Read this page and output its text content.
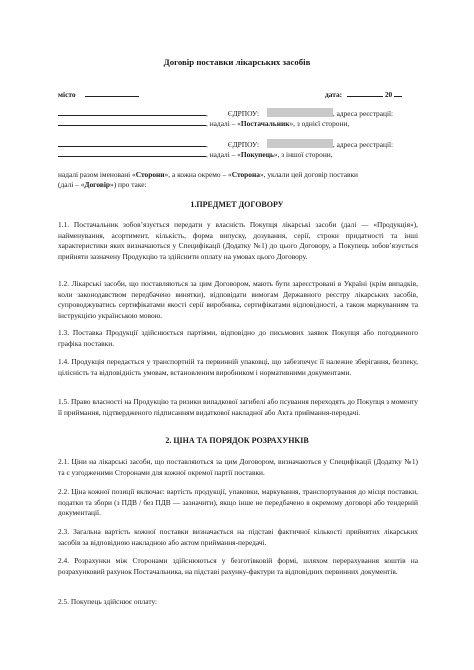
Договір поставки лікарських засобів
місто	дата:	20
,	ЄДРПОУ:	, адреса реєстрації:
, надалі – «Постачальник», з однієї сторони,
,	ЄДРПОУ:	, адреса реєстрації:
, надалі – «Покупець», з іншої сторони,
надалі разом іменовані «Сторони», а кожна окремо – «Сторона», уклали цей договір поставки
(далі – «Договір») про таке:
1.ПРЕДМЕТ ДОГОВОРУ
1.1. Постачальник зобов’язується передати у власність Покупця лікарські засоби (далі — «Продукція»), найменування, асортимент, кількість, форма випуску, дозування, серії, строки придатності та інші характеристики яких визначаються у Специфікації (Додатку №1) до цього Договору, а Покупець зобов’язується прийняти зазначену Продукцію та здійснити оплату на умовах цього Договору.
1.2. Лікарські засоби, що поставляються за цим Договором, мають бути зареєстровані в Україні (крім випадків, коли законодавством передбачено винятки), відповідати вимогам Державного реєстру лікарських засобів, супроводжуватись сертифікатами якості серії виробника, сертифікатами відповідності, а також маркуванням та інструкцією українською мовою.
1.3. Поставка Продукції здійснюється партіями, відповідно до письмових заявок Покупця або погодженого графіка поставки.
1.4. Продукція передається у транспортній та первинній упаковці, що забезпечує її належне зберігання, безпеку, цілісність та відповідність умовам, встановленим виробником і нормативними документами.
1.5. Право власності на Продукцію та ризики випадкової загибелі або псування переходять до Покупця з моменту її приймання, підтвердженого підписанням видаткової накладної або Акта приймання-передачі.
2. ЦІНА ТА ПОРЯДОК РОЗРАХУНКІВ
2.1. Ціни на лікарські засоби, що поставляються за цим Договором, визначаються у Специфікації (Додатку №1) та є узгодженими Сторонами для кожної окремої партії поставки.
2.2. Ціна кожної позиції включає: вартість продукції, упаковки, маркування, транспортування до місця поставки, податки та збори (з ПДВ / без ПДВ — зазначити), якщо інше не передбачено в окремому договорі або тендерній документації.
2.3. Загальна вартість кожної поставки визначається на підставі фактичної кількості прийнятих лікарських засобів за відповідною накладною або актом приймання-передачі.
2.4. Розрахунки між Сторонами здійснюються у безготівковій формі, шляхом перерахування коштів на розрахунковий рахунок Постачальника, на підставі рахунку-фактури та відповідних первинних документів.
2.5. Покупець здійснює оплату:
